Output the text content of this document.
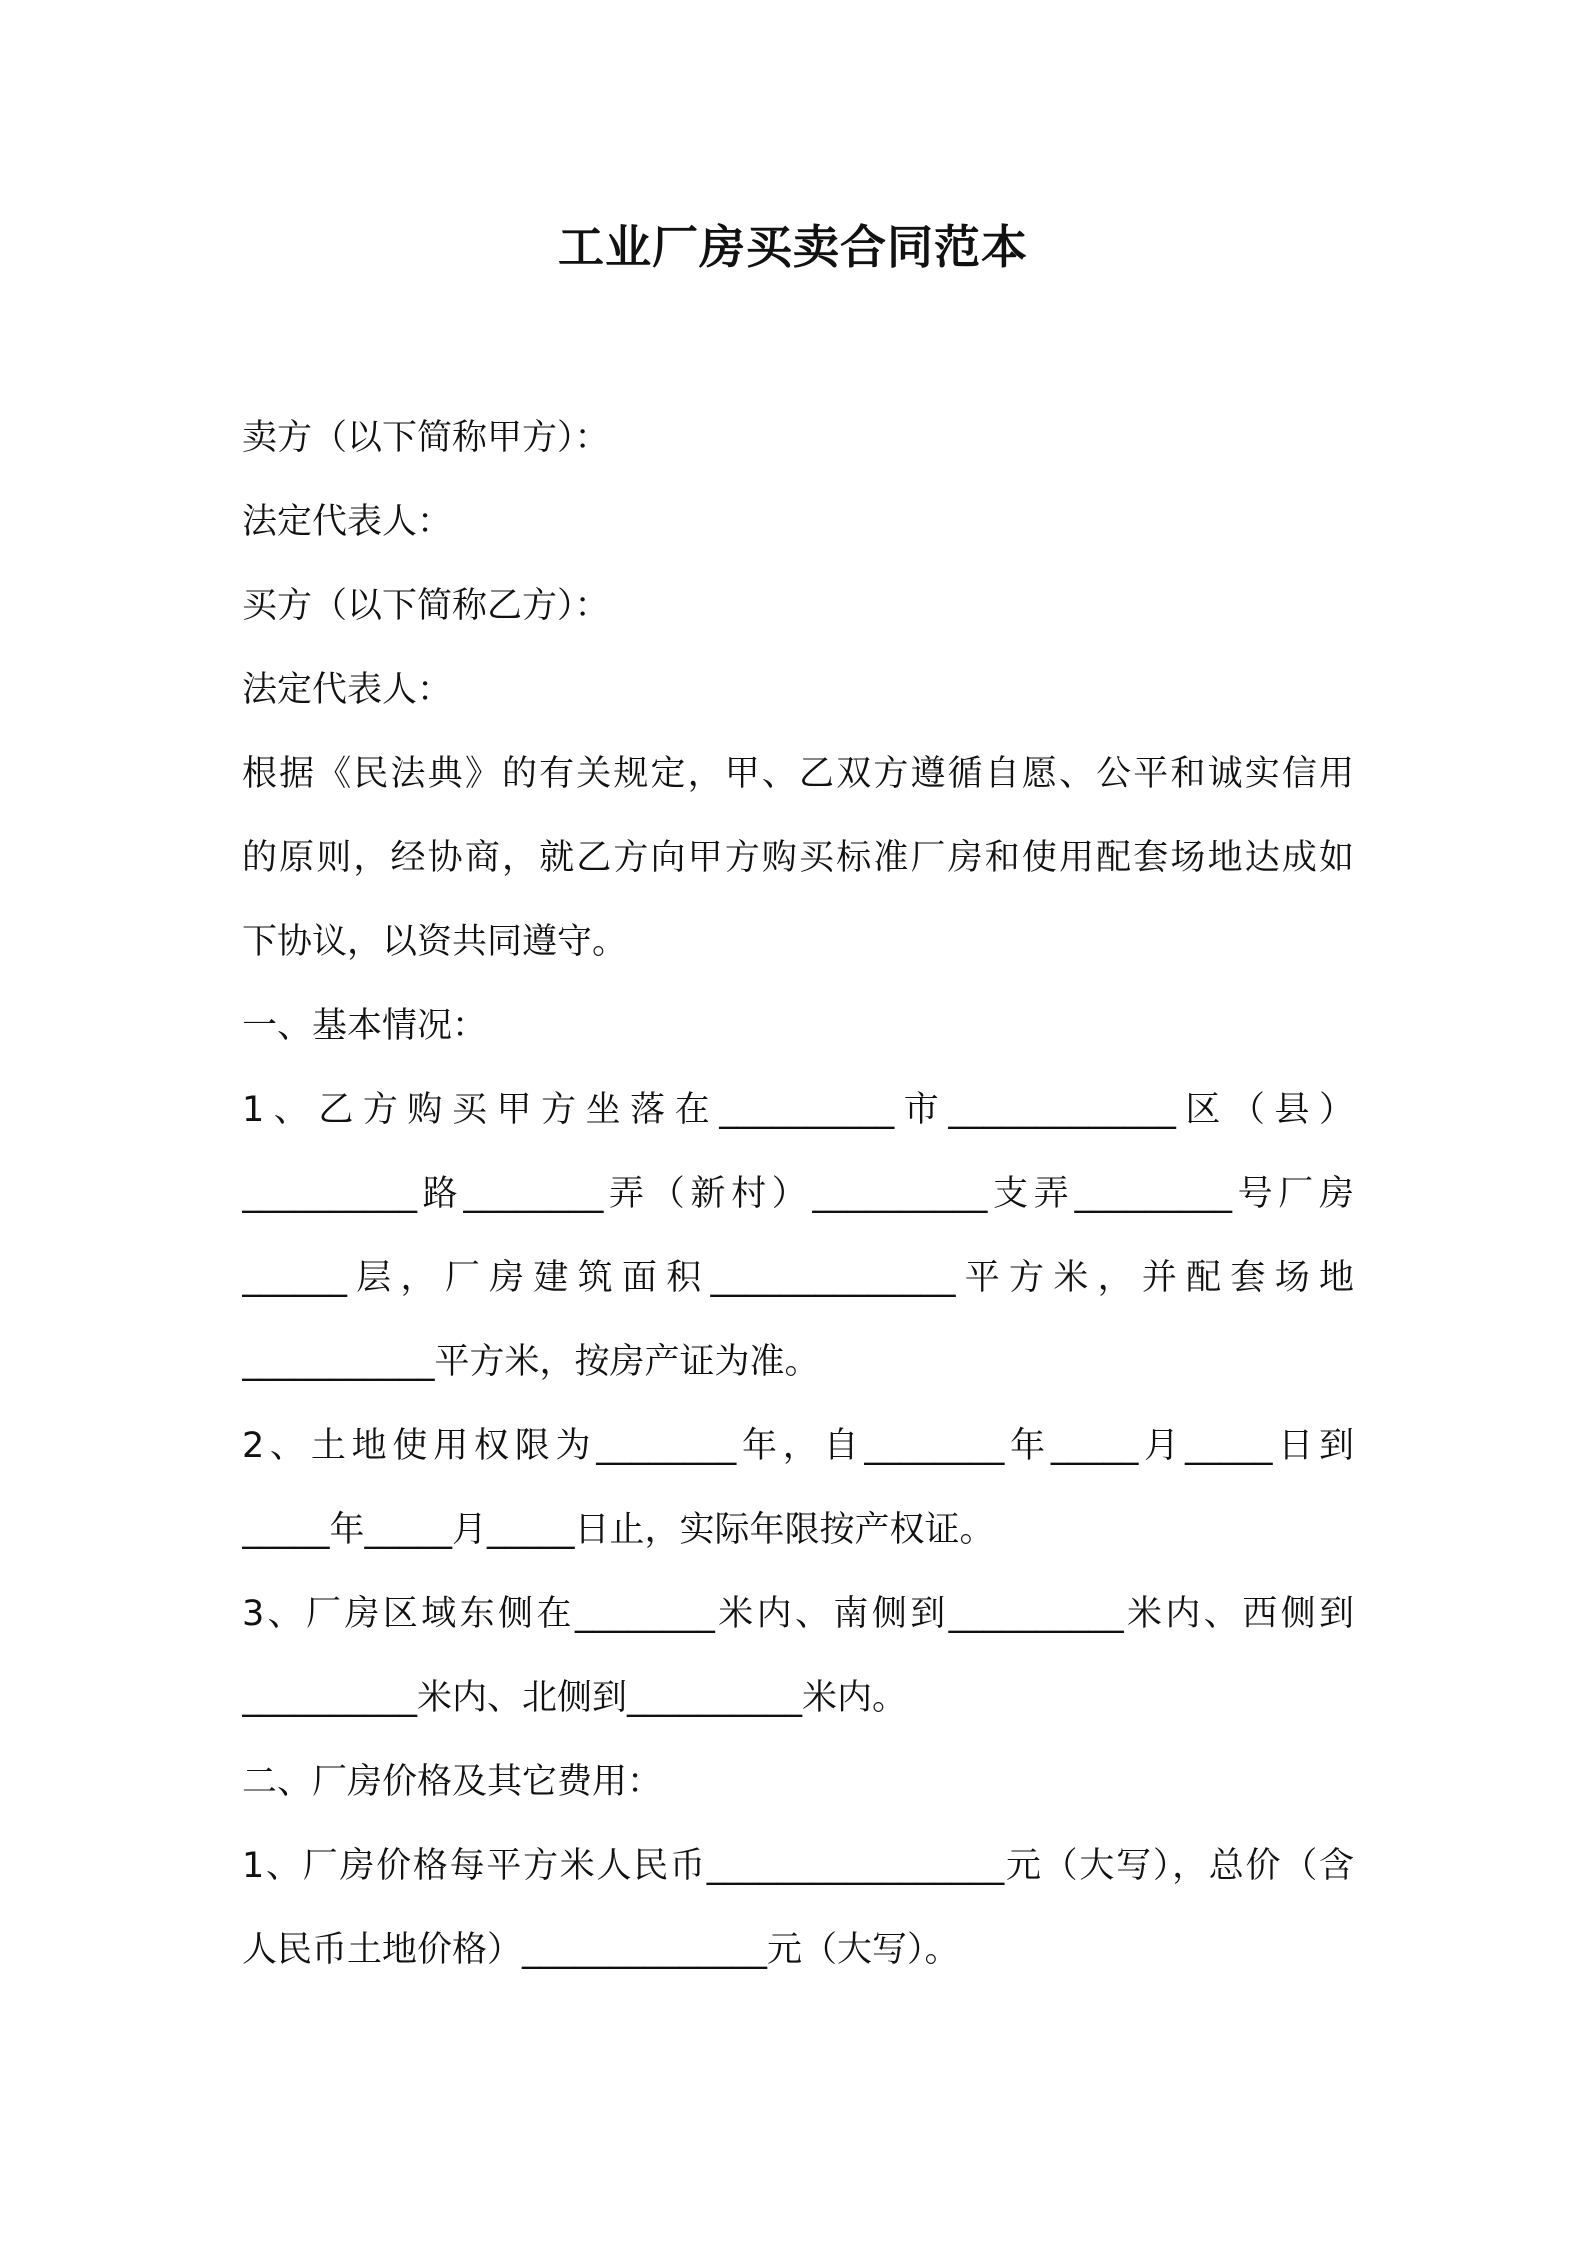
工业厂房买卖合同范本
卖方（以下简称甲方）：
法定代表人：
买方（以下简称乙方）：
法定代表人：
根据《民法典》的有关规定，甲、乙双方遵循自愿、公平和诚实信用
的原则，经协商，就乙方向甲方购买标准厂房和使用配套场地达成如
下协议，以资共同遵守。
一、基本情况：
1、乙方购买甲方坐落在__________市_____________区（县）
__________路________弄（新村）__________支弄_________号厂房
______层，厂房建筑面积______________平方米，并配套场地
___________平方米，按房产证为准。
2、土地使用权限为________年，自________年_____月_____日到
_____年_____月_____日止，实际年限按产权证。
3、厂房区域东侧在________米内、南侧到__________米内、西侧到
__________米内、北侧到__________米内。
二、厂房价格及其它费用：
1、厂房价格每平方米人民币_________________元（大写），总价（含
人民币土地价格）______________元（大写）。
